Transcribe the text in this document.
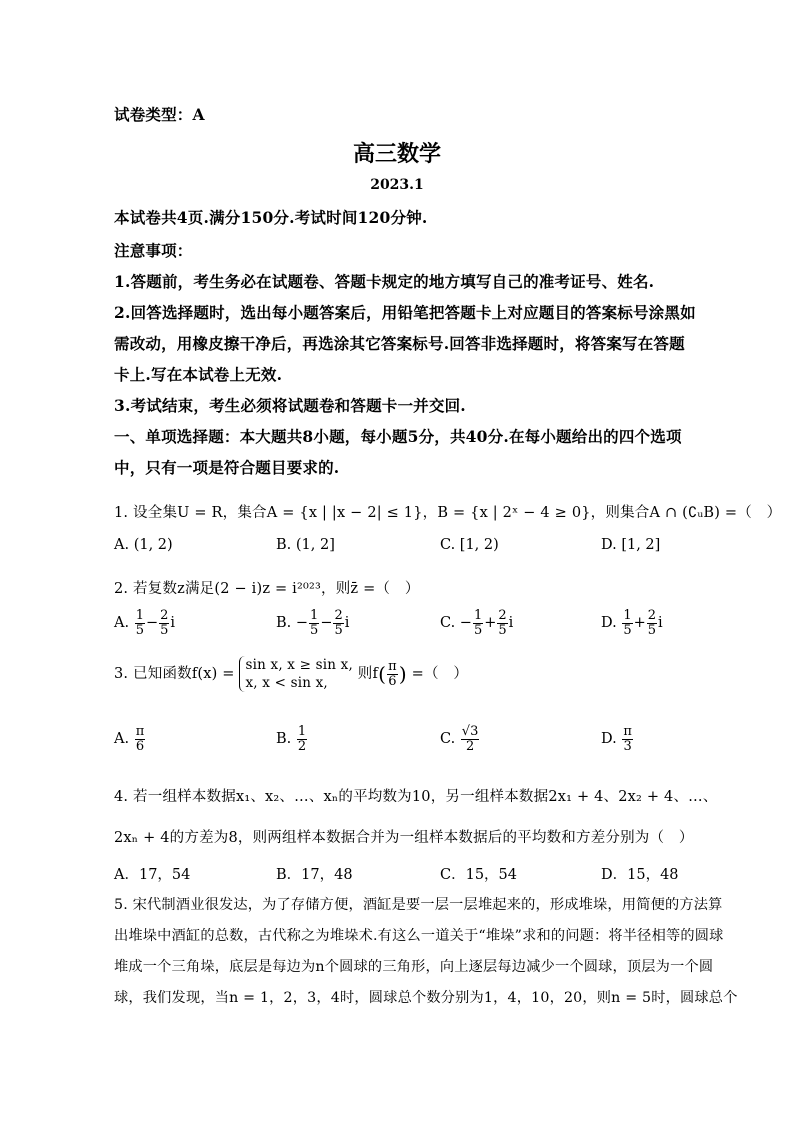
试卷类型：A
高三数学
2023.1
本试卷共4页.满分150分.考试时间120分钟.
注意事项：
1.答题前，考生务必在试题卷、答题卡规定的地方填写自己的准考证号、姓名.
2.回答选择题时，选出每小题答案后，用铅笔把答题卡上对应题目的答案标号涂黑如
需改动，用橡皮擦干净后，再选涂其它答案标号.回答非选择题时，将答案写在答题
卡上.写在本试卷上无效.
3.考试结束，考生必须将试题卷和答题卡一并交回.
一、单项选择题：本大题共8小题，每小题5分，共40分.在每小题给出的四个选项
中，只有一项是符合题目要求的.
1. 设全集U = R，集合A = {x | |x − 2| ≤ 1}，B = {x | 2ˣ − 4 ≥ 0}，则集合A ∩ (∁ᵤB) =（　）
A. (1, 2)	B. (1, 2]	C. [1, 2)	D. [1, 2]
2. 若复数z满足(2 − i)z = i²⁰²³，则z̄ =（　）
A. $\frac{1}{5} - \frac{2}{5}$ i	B. − $\frac{1}{5} - \frac{2}{5}$ i	C. − $\frac{1}{5} + \frac{2}{5}$ i	D. $\frac{1}{5} + \frac{2}{5}$ i
3. 已知函数f(x) =
sin x, x ≥ sin x,
x, x < sin x,
则$f( \frac{\pi}{6}$ ) =（　）
A. $\frac{\pi}{6}$	B. $\frac{1}{2}$	C. $\frac{√3}{2}$	D. $\frac{\pi}{3}$
4. 若一组样本数据x₁、x₂、…、xₙ的平均数为10，另一组样本数据2x₁ + 4、2x₂ + 4、…、
2xₙ + 4的方差为8，则两组样本数据合并为一组样本数据后的平均数和方差分别为（　）
A．17，54	B．17，48	C．15，54	D．15，48
5. 宋代制酒业很发达，为了存储方便，酒缸是要一层一层堆起来的，形成堆垛，用简便的方法算
出堆垛中酒缸的总数，古代称之为堆垛术.有这么一道关于“堆垛”求和的问题：将半径相等的圆球
堆成一个三角垛，底层是每边为n个圆球的三角形，向上逐层每边减少一个圆球，顶层为一个圆
球，我们发现，当n = 1，2，3，4时，圆球总个数分别为1，4，10，20，则n = 5时，圆球总个
